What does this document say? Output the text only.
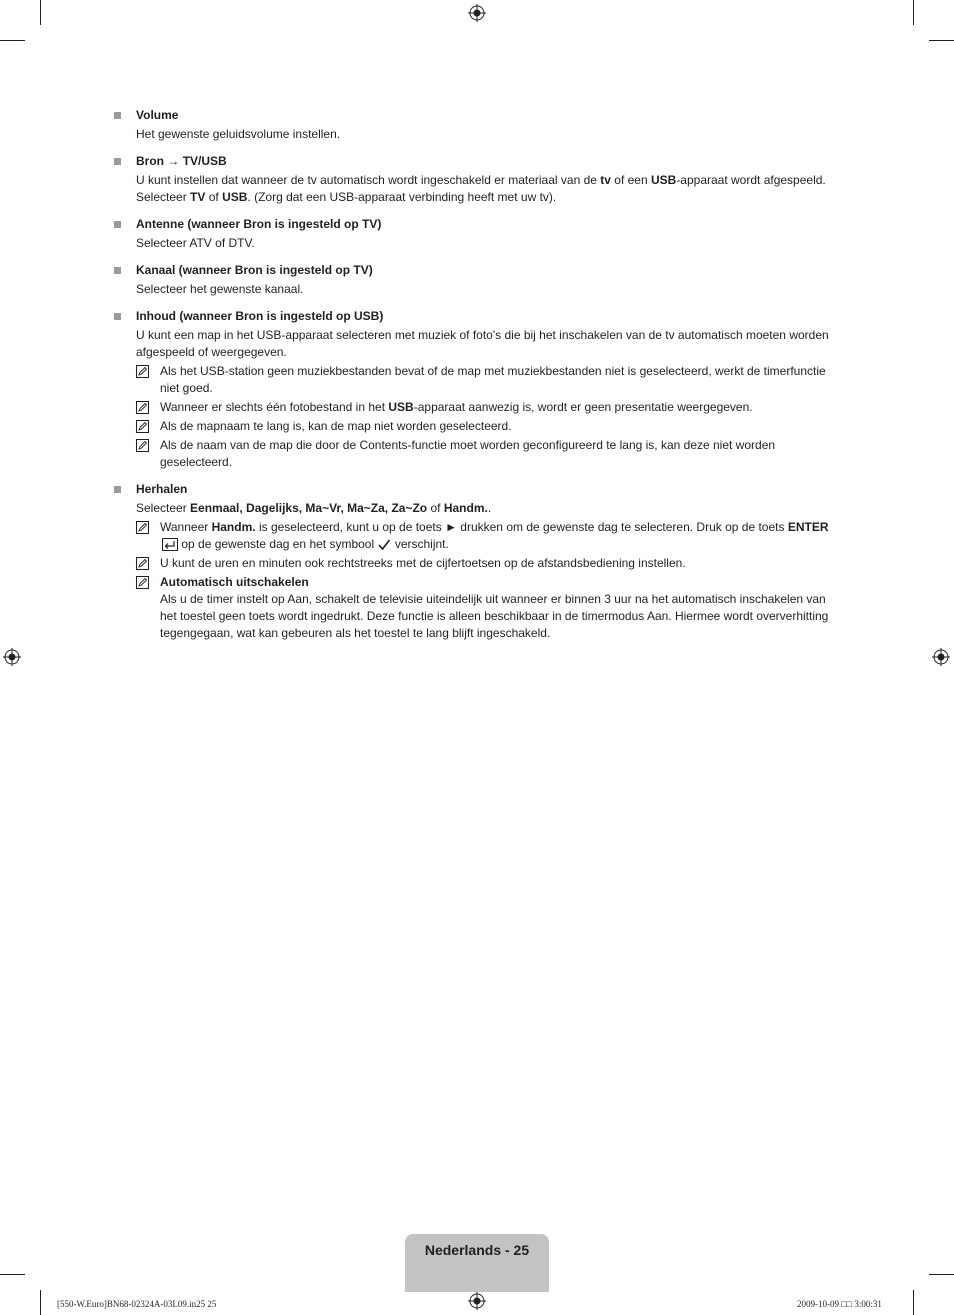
Volume

Het gewenste geluidsvolume instellen.

Bron → TV/USB

U kunt instellen dat wanneer de tv automatisch wordt ingeschakeld er materiaal van de tv of een USB-apparaat wordt afgespeeld. Selecteer TV of USB. (Zorg dat een USB-apparaat verbinding heeft met uw tv).

Antenne (wanneer Bron is ingesteld op TV)

Selecteer ATV of DTV.

Kanaal (wanneer Bron is ingesteld op TV)

Selecteer het gewenste kanaal.

Inhoud (wanneer Bron is ingesteld op USB)

U kunt een map in het USB-apparaat selecteren met muziek of foto's die bij het inschakelen van de tv automatisch moeten worden afgespeeld of weergegeven.

Als het USB-station geen muziekbestanden bevat of de map met muziekbestanden niet is geselecteerd, werkt de timerfunctie niet goed.

Wanneer er slechts één fotobestand in het USB-apparaat aanwezig is, wordt er geen presentatie weergegeven.

Als de mapnaam te lang is, kan de map niet worden geselecteerd.

Als de naam van de map die door de Contents-functie moet worden geconfigureerd te lang is, kan deze niet worden geselecteerd.

Herhalen

Selecteer Eenmaal, Dagelijks, Ma~Vr, Ma~Za, Za~Zo of Handm..

Wanneer Handm. is geselecteerd, kunt u op de toets ► drukken om de gewenste dag te selecteren. Druk op de toets ENTER op de gewenste dag en het symbool  verschijnt.

U kunt de uren en minuten ook rechtstreeks met de cijfertoetsen op de afstandsbediening instellen.

Automatisch uitschakelen

Als u de timer instelt op Aan, schakelt de televisie uiteindelijk uit wanneer er binnen 3 uur na het automatisch inschakelen van het toestel geen toets wordt ingedrukt. Deze functie is alleen beschikbaar in de timermodus Aan. Hiermee wordt oververhitting tegengegaan, wat kan gebeuren als het toestel te lang blijft ingeschakeld.

Nederlands - 25
[550-W.Euro]BN68-02324A-03L09.in25 25	2009-10-09 □□ 3:00:31
